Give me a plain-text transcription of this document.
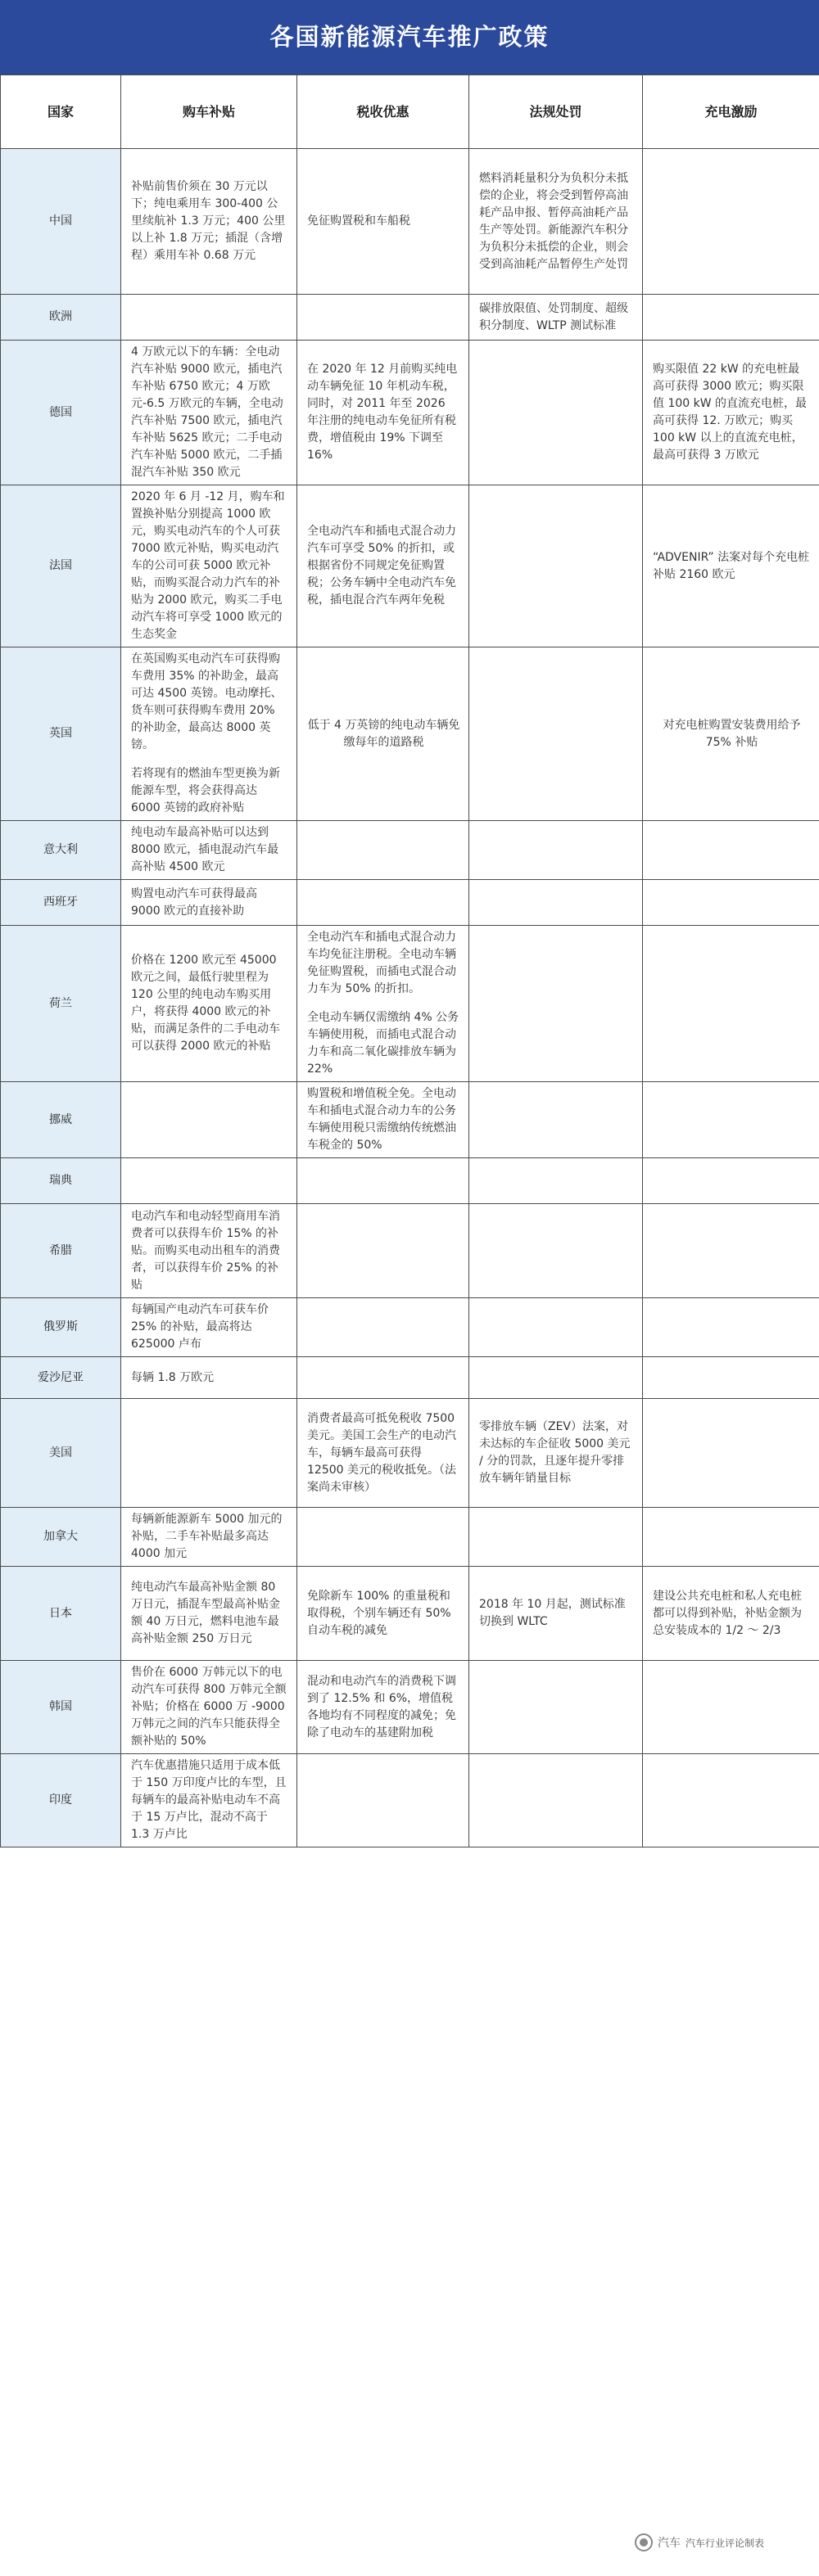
各国新能源汽车推广政策
国家	购车补贴	税收优惠	法规处罚	充电激励
中国	补贴前售价须在 30 万元以下；纯电乘用车 300-400 公里续航补 1.3 万元；400 公里以上补 1.8 万元；插混（含增程）乘用车补 0.68 万元	免征购置税和车船税	燃料消耗量积分为负积分未抵偿的企业，将会受到暂停高油耗产品申报、暂停高油耗产品生产等处罚。新能源汽车积分为负积分未抵偿的企业，则会受到高油耗产品暂停生产处罚	

欧洲			碳排放限值、处罚制度、超级积分制度、WLTP 测试标准	

德国	4 万欧元以下的车辆：全电动汽车补贴 9000 欧元，插电汽车补贴 6750 欧元；4 万欧元-6.5 万欧元的车辆，全电动汽车补贴 7500 欧元，插电汽车补贴 5625 欧元；二手电动汽车补贴 5000 欧元，二手插混汽车补贴 350 欧元	在 2020 年 12 月前购买纯电动车辆免征 10 年机动车税，同时，对 2011 年至 2026 年注册的纯电动车免征所有税费，增值税由 19% 下调至 16%		购买限值 22 kW 的充电桩最高可获得 3000 欧元；购买限值 100 kW 的直流充电桩，最高可获得 12. 万欧元；购买 100 kW 以上的直流充电桩，最高可获得 3 万欧元

法国	2020 年 6 月 -12 月，购车和置换补贴分别提高 1000 欧元，购买电动汽车的个人可获 7000 欧元补贴，购买电动汽车的公司可获 5000 欧元补贴，而购买混合动力汽车的补贴为 2000 欧元，购买二手电动汽车将可享受 1000 欧元的生态奖金	全电动汽车和插电式混合动力汽车可享受 50% 的折扣，或根据省份不同规定免征购置税；公务车辆中全电动汽车免税，插电混合汽车两年免税		“ADVENIR” 法案对每个充电桩补贴 2160 欧元

英国	在英国购买电动汽车可获得购车费用 35% 的补助金，最高可达 4500 英镑。电动摩托、货车则可获得购车费用 20% 的补助金，最高达 8000 英镑。
若将现有的燃油车型更换为新能源车型，将会获得高达 6000 英镑的政府补贴	低于 4 万英镑的纯电动车辆免缴每年的道路税		对充电桩购置安装费用给予 75% 补贴

意大利	纯电动车最高补贴可以达到 8000 欧元，插电混动汽车最高补贴 4500 欧元			

西班牙	购置电动汽车可获得最高 9000 欧元的直接补助			

荷兰	价格在 1200 欧元至 45000 欧元之间，最低行驶里程为 120 公里的纯电动车购买用户，将获得 4000 欧元的补贴，而满足条件的二手电动车可以获得 2000 欧元的补贴	全电动汽车和插电式混合动力车均免征注册税。全电动车辆免征购置税，而插电式混合动力车为 50% 的折扣。
全电动车辆仅需缴纳 4% 公务车辆使用税，而插电式混合动力车和高二氧化碳排放车辆为 22%		

挪威		购置税和增值税全免。全电动车和插电式混合动力车的公务车辆使用税只需缴纳传统燃油车税金的 50%		

瑞典				
希腊	电动汽车和电动轻型商用车消费者可以获得车价 15% 的补贴。而购买电动出租车的消费者，可以获得车价 25% 的补贴			

俄罗斯	每辆国产电动汽车可获车价 25% 的补贴，最高将达 625000 卢布			

爱沙尼亚	每辆 1.8 万欧元			

美国		消费者最高可抵免税收 7500 美元。美国工会生产的电动汽车，每辆车最高可获得 12500 美元的税收抵免。（法案尚未审核）	零排放车辆（ZEV）法案，对未达标的车企征收 5000 美元 / 分的罚款，且逐年提升零排放车辆年销量目标	

加拿大	每辆新能源新车 5000 加元的补贴，二手车补贴最多高达 4000 加元			

日本	纯电动汽车最高补贴金额 80 万日元，插混车型最高补贴金额 40 万日元，燃料电池车最高补贴金额 250 万日元	免除新车 100% 的重量税和取得税，个别车辆还有 50% 自动车税的减免	2018 年 10 月起，测试标准切换到 WLTC	建设公共充电桩和私人充电桩都可以得到补贴，补贴金额为总安装成本的 1/2 ～ 2/3

韩国	售价在 6000 万韩元以下的电动汽车可获得 800 万韩元全额补贴；价格在 6000 万 -9000 万韩元之间的汽车只能获得全额补贴的 50%	混动和电动汽车的消费税下调到了 12.5% 和 6%，增值税各地均有不同程度的减免；免除了电动车的基建附加税		

印度	汽车优惠措施只适用于成本低于 150 万印度卢比的车型，且每辆车的最高补贴电动车不高于 15 万卢比，混动不高于 1.3 万卢比			

汽车 汽车行业评论制表
